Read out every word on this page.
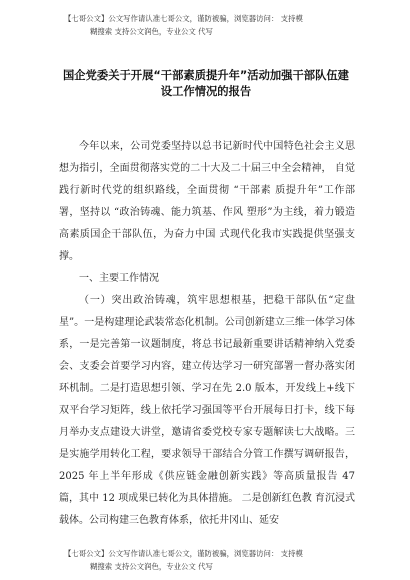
【七哥公文】公文写作请认准七哥公文，谨防被骗，浏览器访问： 支持模
糊搜索 支持公文润色，专业公文 代写
国企党委关于开展“干部素质提升年”活动加强干部队伍建
设工作情况的报告

今年以来，公司党委坚持以总书记新时代中国特色社会主义思想为指引，全面贯彻落实党的二十大及二十届三中全会精神， 自觉践行新时代党的组织路线，全面贯彻 “干部素 质提升年”工作部署，坚持以 “政治铸魂、能力筑基、作风 塑形”为主线，着力锻造高素质国企干部队伍，为奋力中国 式现代化我市实践提供坚强支撑。

一、主要工作情况

（一）突出政治铸魂，筑牢思想根基，把稳干部队伍“定盘星”。一是构建理论武装常态化机制。公司创新建立三维一体学习体系，一是完善第一议题制度，将总书记最新重要讲话精神纳入党委会、支委会首要学习内容，建立传达学习一研究部署一督办落实闭环机制。二是打造思想引领、学习在先 2.0 版本，开发线上+线下双平台学习矩阵，线上依托学习强国等平台开展每日打卡，线下每月举办支点建设大讲堂，邀请省委党校专家专题解读七大战略。三是实施学用转化工程，要求领导干部结合分管工作撰写调研报告，2025 年上半年形成《供应链金融创新实践》等高质量报告 47 篇，其中 12 项成果已转化为具体措施。 二是创新红色教 育沉浸式载体。公司构建三色教育体系，依托井冈山、延安

【七哥公文】公文写作请认准七哥公文，谨防被骗，浏览器访问： 支持模
糊搜索 支持公文润色，专业公文 代写
